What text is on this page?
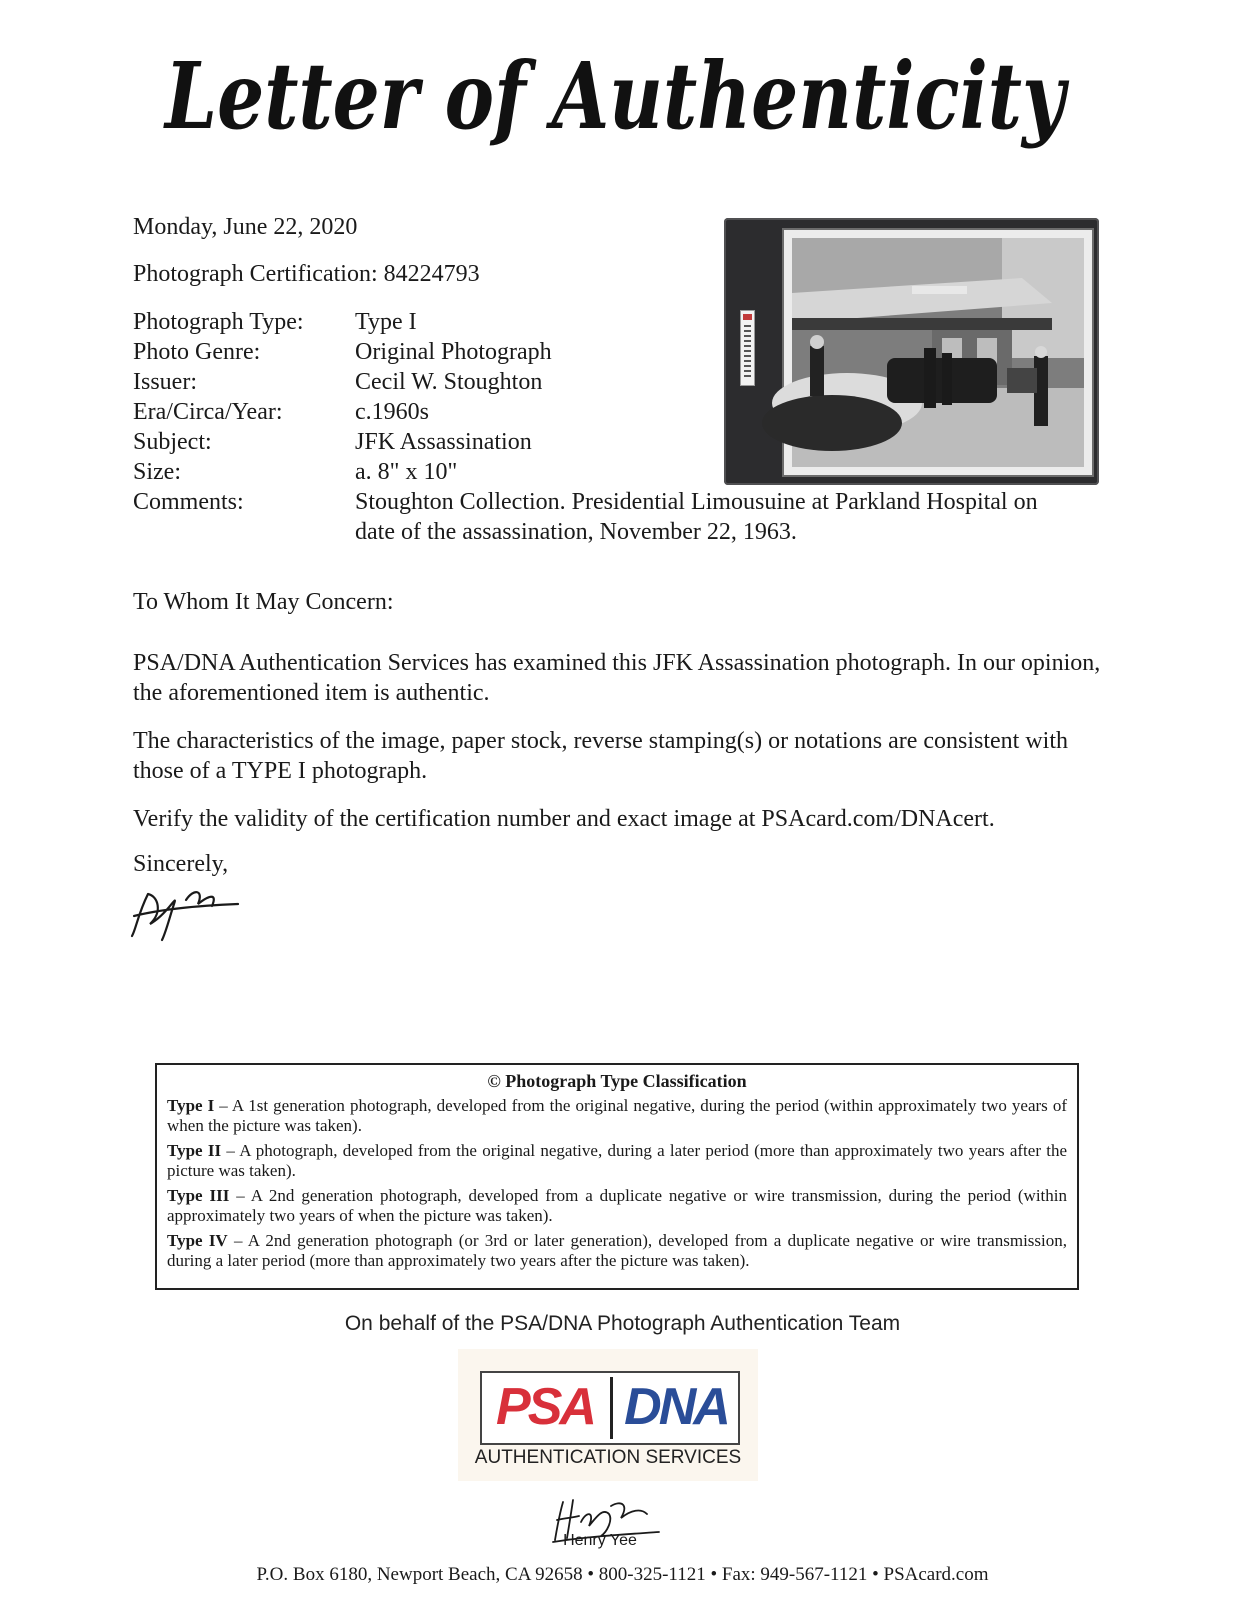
Letter of Authenticity
Monday, June 22, 2020
Photograph Certification: 84224793
Photograph Type: Type I
Photo Genre:	Original Photograph
Issuer:	Cecil W. Stoughton
Era/Circa/Year:	c.1960s
Subject:	JFK Assassination
Size:	a. 8" x 10"
Comments:	Stoughton Collection. Presidential Limousuine at Parkland Hospital on date of the assassination, November 22, 1963.
To Whom It May Concern:

PSA/DNA Authentication Services has examined this JFK Assassination photograph. In our opinion, the aforementioned item is authentic.

The characteristics of the image, paper stock, reverse stamping(s) or notations are consistent with those of a TYPE I photograph.

Verify the validity of the certification number and exact image at PSAcard.com/DNAcert.

Sincerely,
© Photograph Type Classification

Type I – A 1st generation photograph, developed from the original negative, during the period (within approximately two years of when the picture was taken).

Type II – A photograph, developed from the original negative, during a later period (more than approximately two years after the picture was taken).

Type III – A 2nd generation photograph, developed from a duplicate negative or wire transmission, during the period (within approximately two years of when the picture was taken).

Type IV – A 2nd generation photograph (or 3rd or later generation), developed from a duplicate negative or wire transmission, during a later period (more than approximately two years after the picture was taken).

On behalf of the PSA/DNA Photograph Authentication Team
PSA DNA
AUTHENTICATION SERVICES
Henry Yee
P.O. Box 6180, Newport Beach, CA 92658 • 800-325-1121 • Fax: 949-567-1121 • PSAcard.com
